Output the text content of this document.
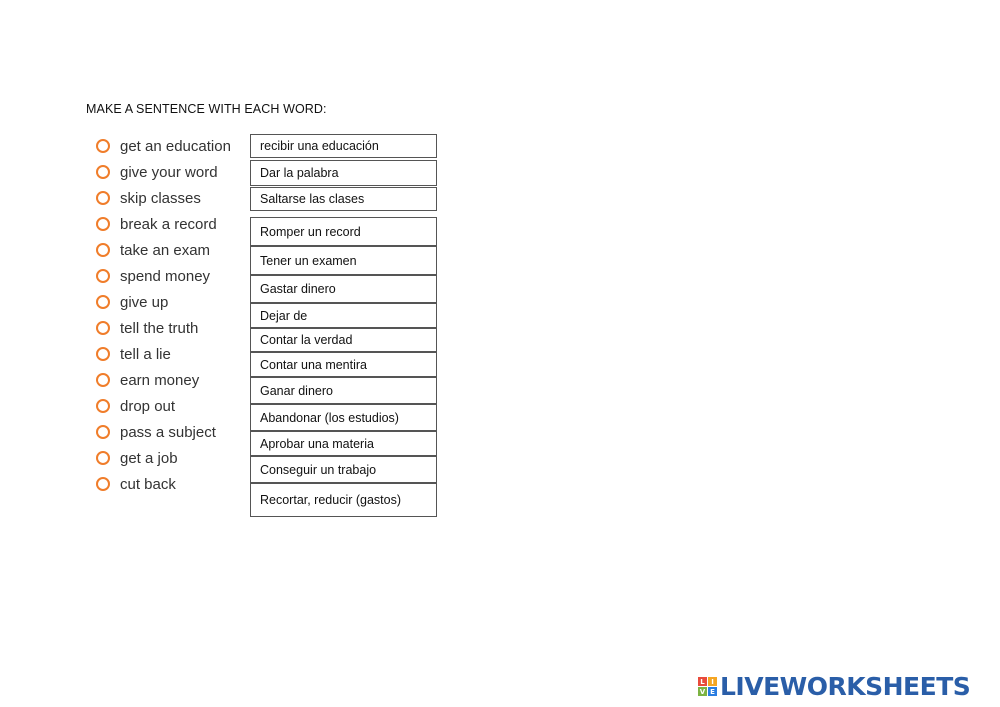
MAKE A SENTENCE WITH EACH WORD:
get an education
give your word
skip classes
break a record
take an exam
spend money
give up
tell the truth
tell a lie
earn money
drop out
pass a subject
get a job
cut back
recibir una educación
Dar la palabra
Saltarse las clases
Romper un record
Tener un examen
Gastar dinero
Dejar de
Contar la verdad
Contar una mentira
Ganar dinero
Abandonar (los estudios)
Aprobar una materia
Conseguir un trabajo
Recortar, reducir (gastos)
L I
V E LIVEWORKSHEETS
